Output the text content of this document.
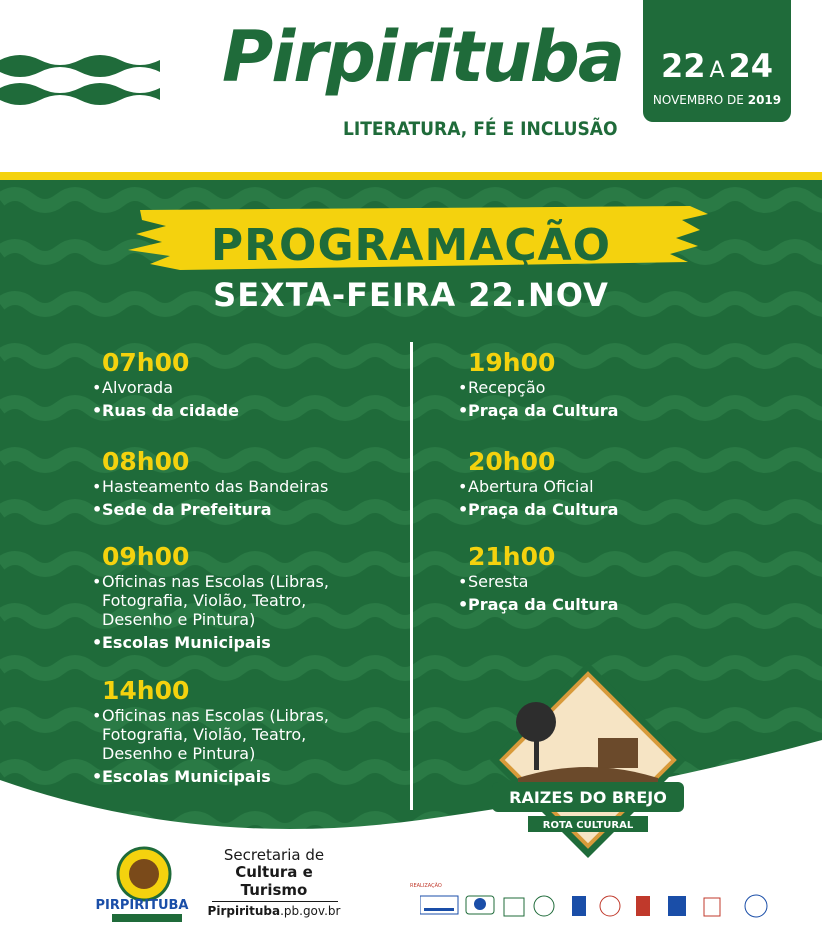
Pirpirituba
LITERATURA, FÉ E INCLUSÃO
22 A 24
NOVEMBRO DE 2019
PROGRAMAÇÃO
SEXTA-FEIRA 22.NOV
07h00
• Alvorada
• Ruas da cidade
08h00
• Hasteamento das Bandeiras
• Sede da Prefeitura
09h00
• Oficinas nas Escolas (Libras,
Fotografia, Violão, Teatro,
Desenho e Pintura)
• Escolas Municipais
14h00
• Oficinas nas Escolas (Libras,
Fotografia, Violão, Teatro,
Desenho e Pintura)
• Escolas Municipais
19h00
• Recepção
• Praça da Cultura
20h00
• Abertura Oficial
• Praça da Cultura
21h00
• Seresta
• Praça da Cultura
RAIZES DO BREJO
ROTA CULTURAL
PIRPIRITUBA
Secretaria de
Cultura e
Turismo
Pirpirituba.pb.gov.br
REALIZAÇÃO
